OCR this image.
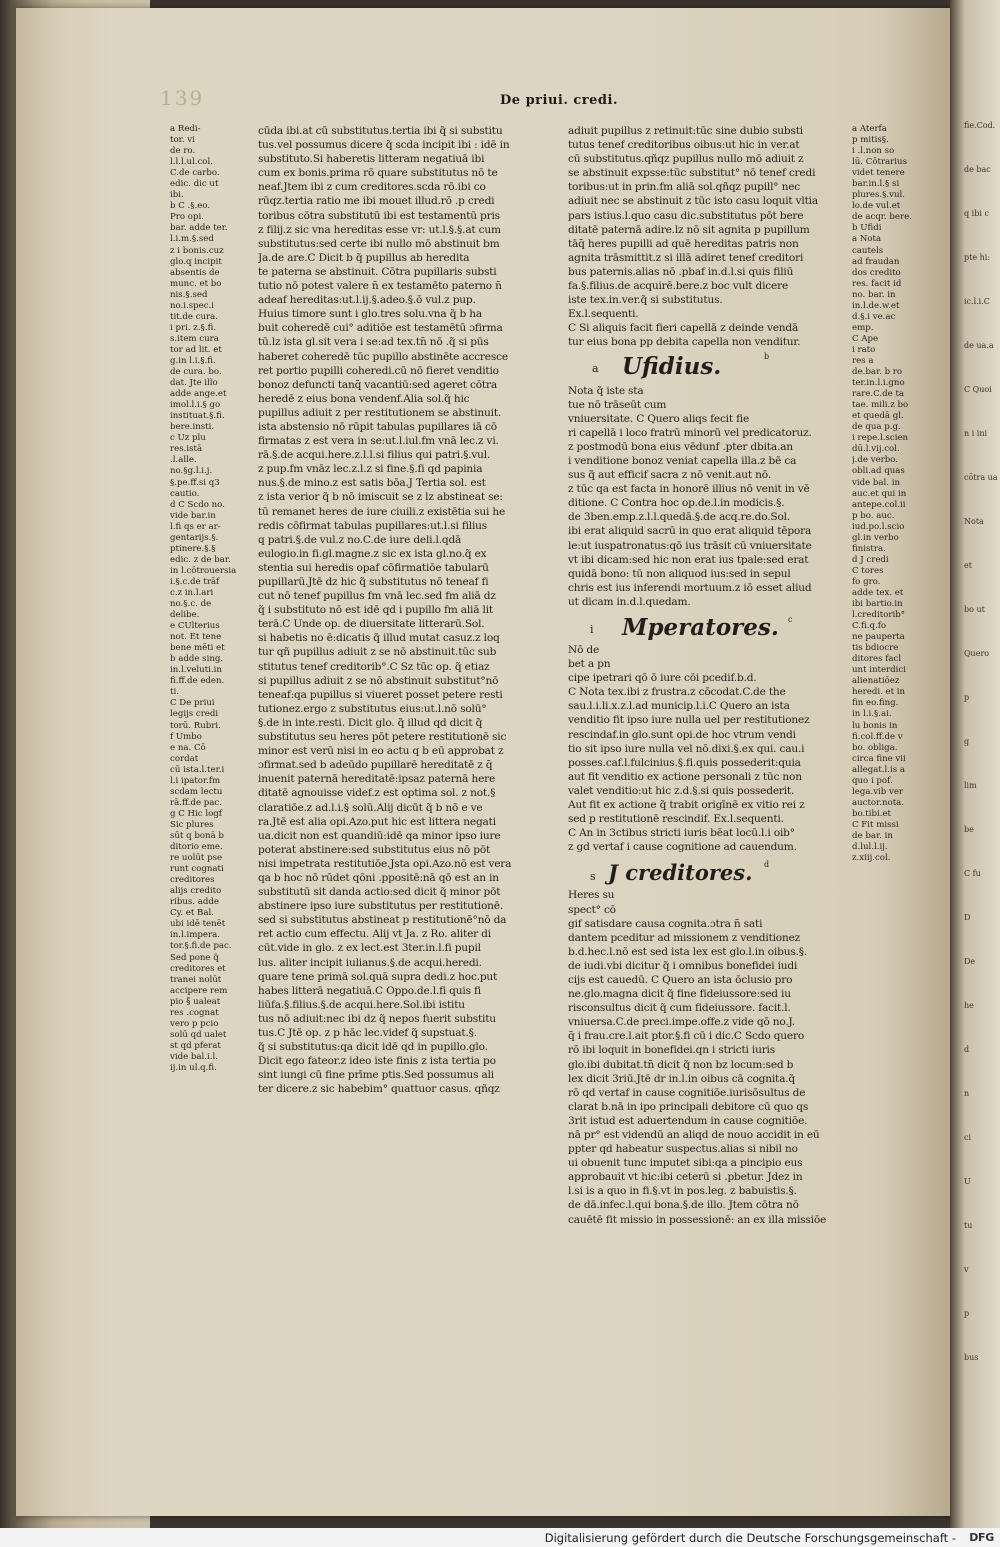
fie.Cod.
de bac
q ibi c
pte hi:
ic.l.i.C
de ua.a
C Quoi
n i ini
cōtra ua
Nota
et
bo ut
Quero
p
g
lim
be
C fu
D
De
he
d
n
ci
U
tu
v
p
bus
139	De priui. credi.
a Redi-
tor. vi
de ro.
l.l.l.ul.col.
C.de carbo.
edic. dic ut
ibi.
b C .§.eo.
Pro opi.
bar. adde ter.
l.i.m.§.sed
z i bonis.cuz
glo.q incipit
absentis de
munc. et bo
nis.§.sed
no.i.spec.i
tit.de cura.
i pri. z.§.fi.
s.item cura
tor ad lit. et
g.in l.i.§.fi.
de cura. bo.
dat. Jte illo
adde ange.et
imol.l.i.§ go
instituat.§.fi.
bere.insti.
c Uz plu
res.istā
.l.alle.
no.§g.l.i.j.
§.pe.ff.si q3
cautio.
d C Scdo no.
vide bar.in
l.fi qs er ar-
gentarijs.§.
ptinere.§.§
edic. z de bar.
in l.cōtrouersia
i.§.c.de trāf
c.z in.l.ari
no.§.c. de
delibe.
e CUlterius
not. Et tene
bene mēti et
b adde sing.
in.l.veluti.in
fi.ff.de eden.
ti.
C De priui
legijs credi
torū. Rubri.
f Umbo
e na. Cō
cordat
cū ista.l.ter.i
l.i ipator.fm
scdam lectu
rā.ff.de pac.
g C Hic logf
Sic plures
sūt q bonā b
ditorio eme.
re uolūt pse
runt cognati
creditores
alijs credito
ribus. adde
Cy. et Bal.
ubi idē tenēt
in.l.impera.
tor.§.fi.de pac.
Sed pone q̃
creditores et
tranei nolūt
accipere rem
pio §̄ ualeat
res .cognat
vero p pcio
solū qd ualet
st qd pferat
vide bal.i.l.
ij.in ul.q.fi.
cūda ibi.at cū substitutus.tertia ibi q̃ si substitu
tus.vel possumus dicere q̃ scda incipit ibi : idē in
substituto.Si haberetis litteram negatiuā ibi
cum ex bonis.prima rō quare substitutus nō te
neaf.Jtem ibi z cum creditores.scda rō.ibi co
rūqz.tertia ratio me ibi mouet illud.rō .p credi
toribus cōtra substitutū ibi est testamentū pris
z filij.z sic vna hereditas esse vr: ut.l.§.§.at cum
substitutus:sed certe ibi nullo mō abstinuit bm
Ja.de are.C Dicit b q̃ pupillus ab heredita
te paterna se abstinuit. Cōtra pupillaris substi
tutio nō potest valere n̄ ex testamēto paterno n̄
adeaf hereditas:ut.l.ij.§.adeo.§.ō vul.z pup.
Huius timore sunt i glo.tres solu.vna q̃ b ha
buit coheredē cui° aditiōe est testamētū ɔfirma
tū.lz ista gl.sit vera i se:ad tex.tn̄ nō .q̃ si pūs
haberet coheredē tūc pupillo abstinēte accresce
ret portio pupilli coheredi.cū nō fieret venditio
bonoz defuncti tanq̄ vacantiū:sed ageret cōtra
heredē z eius bona vendenf.Alia sol.q̃ hic
pupillus adiuit z per restitutionem se abstinuit.
ista abstensio nō rūpit tabulas pupillares iā cō
firmatas z est vera in se:ut.l.iul.fm vnā lec.z vi.
rā.§.de acqui.here.z.l.l.si filius qui patri.§.vul.
z pup.fm vnāz lec.z.l.z si fine.§.fi qd papinia
nus.§.de mino.z est satis bōa.J Tertia sol. est
z ista verior q̃ b nō imiscuit se z lz abstineat se:
tū remanet heres de iure ciuili.z existētia sui he
redis cōfirmat tabulas pupillares:ut.l.si filius
q patri.§.de vul.z no.C.de iure deli.l.qdā
eulogio.in fi.gl.magne.z sic ex ista gl.no.q̃ ex
stentia sui heredis opaf cōfirmatiōe tabularū
pupillarū.Jtē dz hic q̃ substitutus nō teneaf fi
cut nō tenef pupillus fm vnā lec.sed fm aliā dz
q̃ i substituto nō est idē qd i pupillo fm aliā lit
terā.C Unde op. de diuersitate litterarū.Sol.
si habetis no ē:dicatis q̃ illud mutat casuz.z loq
tur qñ pupillus adiuit z se nō abstinuit.tūc sub
stitutus tenef creditorib°.C Sz tūc op. q̃ etiaz
si pupillus adiuit z se nō abstinuit substitut°nō
teneaf:qa pupillus si viueret posset petere resti
tutionez.ergo z substitutus eius:ut.l.nō solū°
§.de in inte.resti. Dicit glo. q̃ illud qd dicit q̃
substitutus seu heres pōt petere restitutionē sic
minor est verū nisi in eo actu q b eū approbat z
ɔfirmat.sed b adeūdo pupillarē hereditatē z q̄
inuenit paternā hereditatē:ipsaz paternā here
ditatē agnouisse videf.z est optima sol. z not.§
claratiōe.z ad.l.i.§ solū.Alij dicūt q̃ b nō e ve
ra.Jtē est alia opi.Azo.put hic est littera negati
ua.dicit non est quandiū:idē qa minor ipso iure
poterat abstinere:sed substitutus eius nō pōt
nisi impetrata restitutiōe.Jsta opi.Azo.nō est vera
qa b hoc nō rūdet qōni .ppositē:nā qō est an in
substitutū sit danda actio:sed dicit q̃ minor pōt
abstinere ipso iure substitutus per restitutionē.
sed si substitutus abstineat p restitutionē°nō da
ret actio cum effectu. Alij vt Ja. z Ro. aliter di
cūt.vide in glo. z ex lect.est 3ter.in.l.fi pupil
lus. aliter incipit iulianus.§.de acqui.heredi.
quare tene primā sol.quā supra dedi.z hoc.put
habes litterā negatiuā.C Oppo.de.l.fi quis fi
liūfa.§.filius.§.de acqui.here.Sol.ibi istitu
tus nō adiuit:nec ibi dz q̃ nepos fuerit substitu
tus.C Jtē op. z p hāc lec.videf q̃ supstuat.§.
q̃ si substitutus:qa dicit idē qd in pupillo.glo.
Dicit ego fateor.z ideo iste finis z ista tertia po
sint iungi cū fine prīme ptis.Sed possumus ali
ter dicere.z sic habebim° quattuor casus. qñqz
adiuit pupillus z retinuit:tūc sine dubio substi
tutus tenef creditoribus oibus:ut hic in ver.at
cū substitutus.qñqz pupillus nullo mō adiuit z
se abstinuit expsse:tūc substitut° nō tenef credi
toribus:ut in prin.fm aliā sol.qñqz pupill° nec
adiuit nec se abstinuit z tūc isto casu loquit vltia
pars istius.l.quo casu dic.substitutus pōt bere
ditatē paternā adire.lz nō sit agnita p pupillum
tāq̄ heres pupilli ad quē hereditas patris non
agnita trāsmittit.z si illā adiret tenef creditori
bus paternis.alias nō .pbaf in.d.l.si quis filiū
fa.§.filius.de acquirē.bere.z boc vult dicere
iste tex.in.ver.q̃ si substitutus.
Ex.l.sequenti.
C Si aliquis facit fieri capellā z deinde vendā
tur eius bona pp debita capella non venditur.
a Ufidius.	b
Nota q̃ iste sta
tue nō trāseūt cum
vniuersitate. C Quero aliqs fecit fie
ri capellā i loco fratrū minorū vel predicatoruz.
z postmodū bona eius vēdunf .pter dbita.an
i venditione bonoz veniat capella illa.z bē ca
sus q̃ aut efficif sacra z nō venit.aut nō.
z tūc qa est facta in honorē illius nō venit in vē
ditione. C Contra hoc op.de.l.in modicis.§.
de 3ben.emp.z.l.l.quedā.§.de acq.re.do.Sol.
ibi erat aliquid sacrū in quo erat aliquid tēpora
le:ut iuspatronatus:qō ius trāsit cū vniuersitate
vt ibi dicam:sed hic non erat ius tpale:sed erat
quidā bono: tū non aliquod ius:sed in sepul
chris est ius inferendi mortuum.z iō esset aliud
ut dicam in.d.l.quedam.
i Mperatores. c
Nō de
bet a pn
cipe ipetrari qō ō iure cōi pcedif.b.d.
C Nota tex.ibi z frustra.z cōcodat.C.de the
sau.l.i.li.x.z.l.ad municip.l.i.C Quero an ista
venditio fit ipso iure nulla uel per restitutionez
rescindaf.in glo.sunt opi.de hoc vtrum vendi
tio sit ipso iure nulla vel nō.dixi.§.ex qui. cau.i
posses.caf.l.fulcinius.§.fi.quis possederit:quia
aut fit venditio ex actione personali z tūc non
valet venditio:ut hic z.d.§.si quis possederit.
Aut fit ex actione q̃ trabit origīnē ex vitio rei z
sed p restitutionē rescindif. Ex.l.sequenti.
C An in 3ctibus stricti iuris bēat locū.l.i oib°
z gd vertaf i cause cognitione ad cauendum.
s J creditores. d
Heres su
spect° cō
gif satisdare causa cognita.ɔtra n̄ sati
dantem pceditur ad missionem z venditionez
b.d.hec.l.nō est sed ista lex est glo.l.in oibus.§.
de iudi.vbi dicitur q̃ i omnibus bonefidei iudi
cijs est cauedū. C Quero an ista ōclusio pro
ne.glo.magna dicit q̃ fine fideiussore:sed iu
risconsultus dicit q̃ cum fideiussore. facit.l.
vniuersa.C.de preci.impe.offe.z vide qō no.J.
q̄ i frau.cre.l.ait ptor.§.fi cū i dic.C Scdo quero
rō ibi loquit in bonefidei.qn i stricti iuris
glo.ibi dubitat.tn̄ dicit q̃ non bz locum:sed b
lex dicit 3riū.Jtē dr in.l.in oibus cā cognita.q̃
rō qd vertaf in cause cognitiōe.iurisōsultus de
clarat b.nā in ipo principali debitore cū quo qs
3rit istud est aduertendum in cause cognitiōe.
nā pr° est videndū an aliqd de nouo accidit in eū
ppter qd habeatur suspectus.alias si nibil no
ui obuenit tunc imputet sibi:qa a pincipio eus
approbauit vt hic:ibi ceterū si .pbetur. Jdez in
l.si is a quo in fi.§.vt in pos.leg. z babuistis.§.
de dā.infec.l.qui bona.§.de illo. Jtem cōtra nō
cauētē fit missio in possessionē: an ex illa missiōe
a Aterfa
p mitis§.
i .l.non so
lū. Cōtrarius
videt tenere
bar.in.l.§ si
plures.§.vul.
lo.de vul.et
de acqr. bere.
b Ufidi
a Nota
cautels
ad fraudan
dos credito
res. facit id
no. bar. in
in.l.de.w.et
d.§.i ve.ac
emp.
C Ape
i rato
res a
de.bar. b ro
ter.in.l.i.gno
rare.C.de ta
tae. mili.z bo
et quedā gl.
de qua p.g.
i repe.l.scien
dū.l.vij.col.
j.de verbo.
obli.ad quas
vide bal. in
auc.et qui in
antepe.col.ii
p bo. auc.
iud.po.l.scio
gl.in verbo
finistra.
d J credi
C tores
fo gro.
adde tex. et
ibi bartio.in
l.creditorib°
C.fi.q.fo
ne pauperta
tis bdiocre
ditores facl
unt interdici
alienatiōez
heredi. et in
fin eo.fing.
in l.i.§.ai.
lu bonis in
fi.col.ff.de v
bo. obliga.
circa fine vii
allegat.l.is a
quo i pof.
lega.vib ver
auctor.nota.
bo.tibi.et
C Fit missi
de bar. in
d.lul.l.ij.
z.xiij.col.
Digitalisierung gefördert durch die Deutsche Forschungsgemeinschaft - DFG
